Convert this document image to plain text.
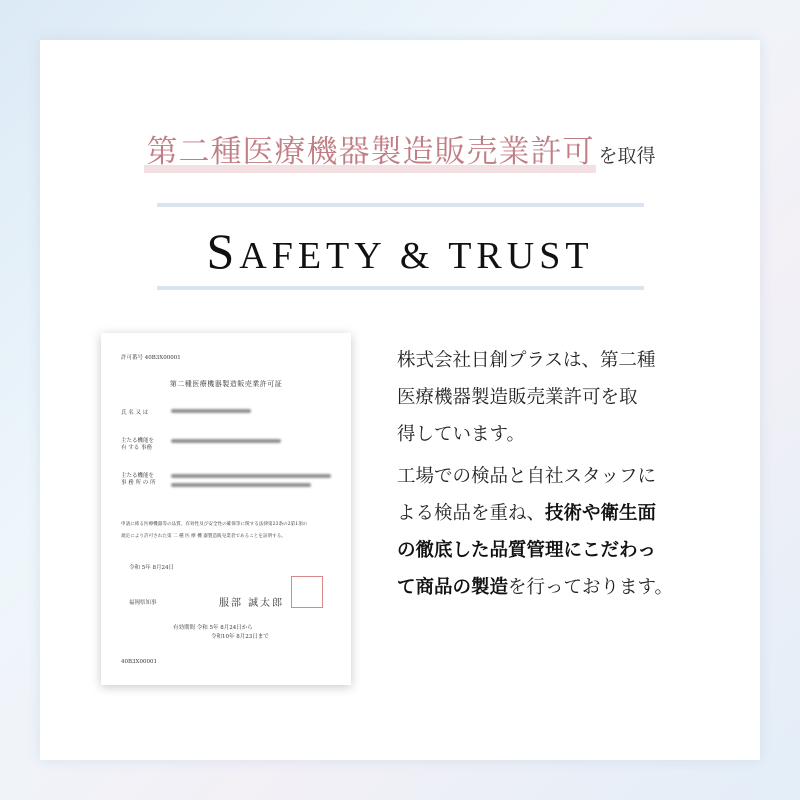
第二種医療機器製造販売業許可 を取得
SAFETY & TRUST
許可番号 40B3X00001
第二種医療機器製造販売業許可証
氏 名 又 は
主たる機能を
有 する 事務
主たる機能を
事 務 所 の 所
申請に係る医療機器等の品質、有効性及び安全性の確保等に関する法律第23条の2第1項の
規定により許可された第 二 種 医 療 機 器製造販売業者であることを証明する。
令和 5年 8月24日
福岡県知事	服部 誠太郎
有効期間 令和 5年 8月24日から
令和10年 8月23日まで
40B3X00001

株式会社日創プラスは、第二種

医療機器製造販売業許可を取

得しています。

工場での検品と自社スタッフに

よる検品を重ね、技術や衛生面

の徹底した品質管理にこだわっ

て商品の製造を行っております。
